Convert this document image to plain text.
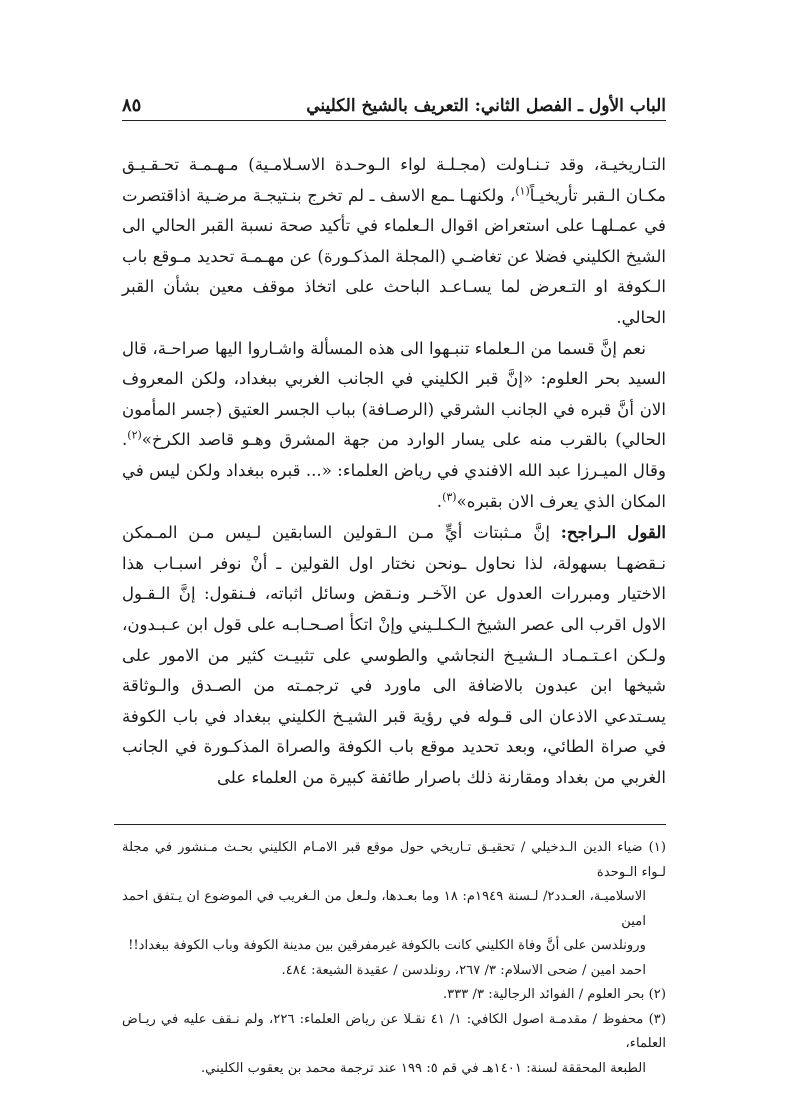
الباب الأول ـ الفصل الثاني: التعريف بالشيخ الكليني
٨٥

التـاريخيـة، وقد تـنـاولت (مجـلـة لواء الـوحـدة الاسـلامـية) مـهـمـة تحـقـيـق مكـان الـقبر تأريخيـاً$^{(١)}$، ولكنهـا ـمع الاسف ـ لم تخرج بنـتيجـة مرضـية اذاقتصرت في عمـلهـا على استعراض اقوال الـعلماء في تأكيد صحة نسبة القبر الحالي الى الشيخ الكليني فضلا عن تغاضـي (المجلة المذكـورة) عن مهـمـة تحديد مـوقع باب الـكوفة او التـعرض لما يسـاعـد الباحث على اتخاذ موقف معين بشأن القبر الحالي.

نعم إنَّ قسما من الـعلماء تنبـهوا الى هذه المسألة واشـاروا اليها صراحـة، قال السيد بحر العلوم: «إنَّ قبر الكليني في الجانب الغربي ببغداد، ولكن المعروف الان أنَّ قبره في الجانب الشرقي (الرصـافة) بباب الجسر العتيق (جسر المأمون الحالي) بالقرب منه على يسار الوارد من جهة المشرق وهـو قاصد الكرخ»$^{(٢)}$. وقال الميـرزا عبد الله الافندي في رياض العلماء: «... قبره ببغداد ولكن ليس في المكان الذي يعرف الان بقبره»$^{(٣)}$.

القول الـراجح: إنَّ مـثبتات أيٍّ مـن الـقولين السابقين لـيس مـن المـمكن نـقضهـا بسهولة، لذا نحاول ـونحن نختار اول القولين ـ أنْ نوفر اسبـاب هذا الاختيار ومبررات العدول عن الآخـر ونـقض وسائل اثباته، فـنقول: إنَّ الـقـول الاول اقرب الى عصر الشيخ الـكـلـيني وإنْ اتكأ اصـحـابـه على قول ابن عـبـدون، ولـكن اعـتـمـاد الـشيـخ النجاشي والطوسي على تثبيـت كثير من الامور على شيخها ابن عبدون بالاضافة الى ماورد في ترجمـته من الصـدق والـوثاقة يسـتدعي الاذعان الى قـوله في رؤية قبر الشيـخ الكليني ببغداد في باب الكوفة في صراة الطائي، وبعد تحديد موقع باب الكوفة والصراة المذكـورة في الجانب الغربي من بغداد ومقارنة ذلك باصرار طائفة كبيرة من العلماء على

(١) ضياء الدين الـدخيلي / تحقيـق تـاريخي حول موقع قبر الامـام الكليني بحـث مـنشور في مجلة لـواء الـوحدة

الاسلاميـة، العـدد٢/ لـسنة ١٩٤٩م: ١٨ وما بعـدها، ولـعل من الـغريب في الموضوع ان يـتفق احمد امين

ورونلدسن على أنَّ وفاة الكليني كانت بالكوفة غيرمفرقين بين مدينة الكوفة وباب الكوفة ببغداد!!

احمد امين / ضحى الاسلام: ٣/ ٢٦٧، رونلدسن / عقيدة الشيعة: ٤٨٤.

(٢) بحر العلوم / الفوائد الرجالية: ٣/ ٣٣٣.

(٣) محفوظ / مقدمـة اصول الكافي: ١/ ٤١ نقـلا عن رياض العلماء: ٢٢٦، ولم نـقف عليه في ريـاض العلماء،

الطبعة المحققة لسنة: ١٤٠١هـ في قم ٥: ١٩٩ عند ترجمة محمد بن يعقوب الكليني.
